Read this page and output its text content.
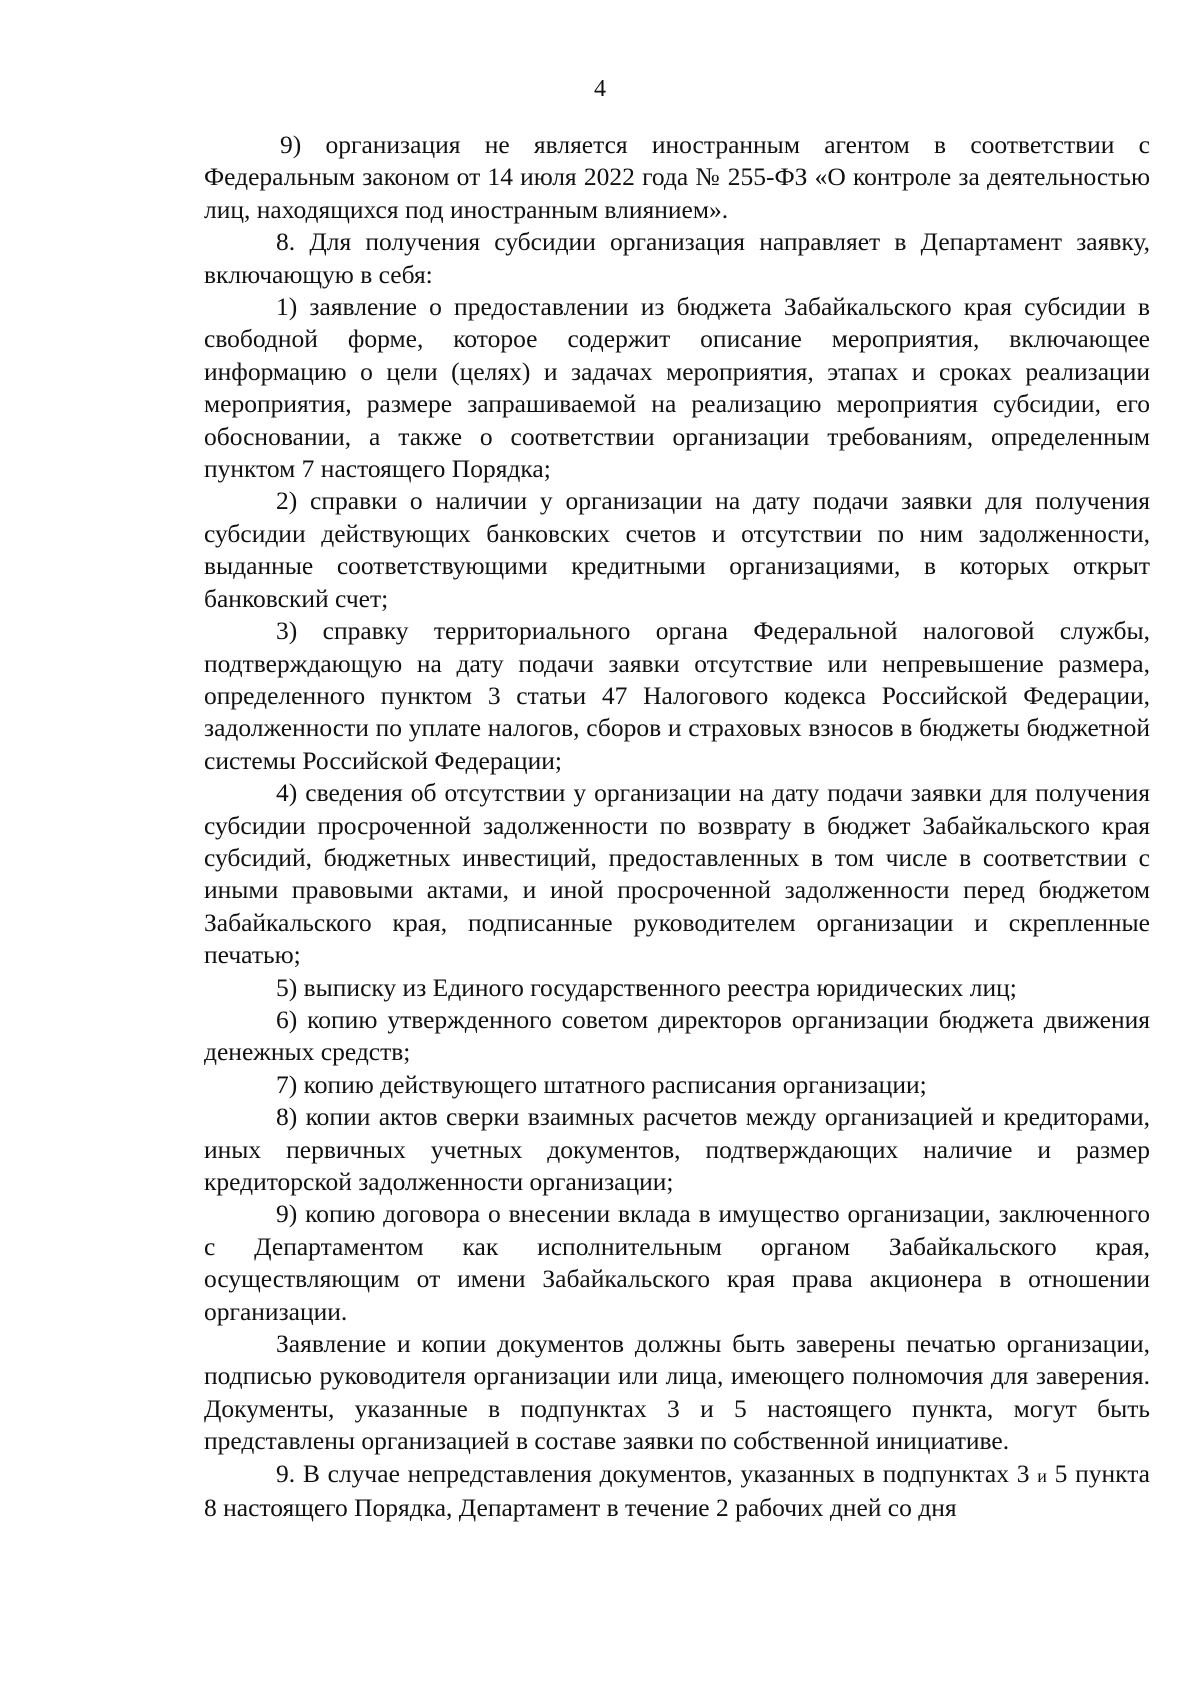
4

9) организация не является иностранным агентом в соответствии с Федеральным законом от 14 июля 2022 года № 255-ФЗ «О контроле за деятельностью лиц, находящихся под иностранным влиянием».

8. Для получения субсидии организация направляет в Департамент заявку, включающую в себя:

1) заявление о предоставлении из бюджета Забайкальского края субсидии в свободной форме, которое содержит описание мероприятия, включающее информацию о цели (целях) и задачах мероприятия, этапах и сроках реализации мероприятия, размере запрашиваемой на реализацию мероприятия субсидии, его обосновании, а также о соответствии организации требованиям, определенным пунктом 7 настоящего Порядка;

2) справки о наличии у организации на дату подачи заявки для получения субсидии действующих банковских счетов и отсутствии по ним задолженности, выданные соответствующими кредитными организациями, в которых открыт банковский счет;

3) справку территориального органа Федеральной налоговой службы, подтверждающую на дату подачи заявки отсутствие или непревышение размера, определенного пунктом 3 статьи 47 Налогового кодекса Российской Федерации, задолженности по уплате налогов, сборов и страховых взносов в бюджеты бюджетной системы Российской Федерации;

4) сведения об отсутствии у организации на дату подачи заявки для получения субсидии просроченной задолженности по возврату в бюджет Забайкальского края субсидий, бюджетных инвестиций, предоставленных в том числе в соответствии с иными правовыми актами, и иной просроченной задолженности перед бюджетом Забайкальского края, подписанные руководителем организации и скрепленные печатью;

5) выписку из Единого государственного реестра юридических лиц;

6) копию утвержденного советом директоров организации бюджета движения денежных средств;

7) копию действующего штатного расписания организации;

8) копии актов сверки взаимных расчетов между организацией и кредиторами, иных первичных учетных документов, подтверждающих наличие и размер кредиторской задолженности организации;

9) копию договора о внесении вклада в имущество организации, заключенного с Департаментом как исполнительным органом Забайкальского края, осуществляющим от имени Забайкальского края права акционера в отношении организации.

Заявление и копии документов должны быть заверены печатью организации, подписью руководителя организации или лица, имеющего полномочия для заверения. Документы, указанные в подпунктах 3 и 5 настоящего пункта, могут быть представлены организацией в составе заявки по собственной инициативе.

9. В случае непредставления документов, указанных в подпунктах 3 и 5 пункта 8 настоящего Порядка, Департамент в течение 2 рабочих дней со дня
